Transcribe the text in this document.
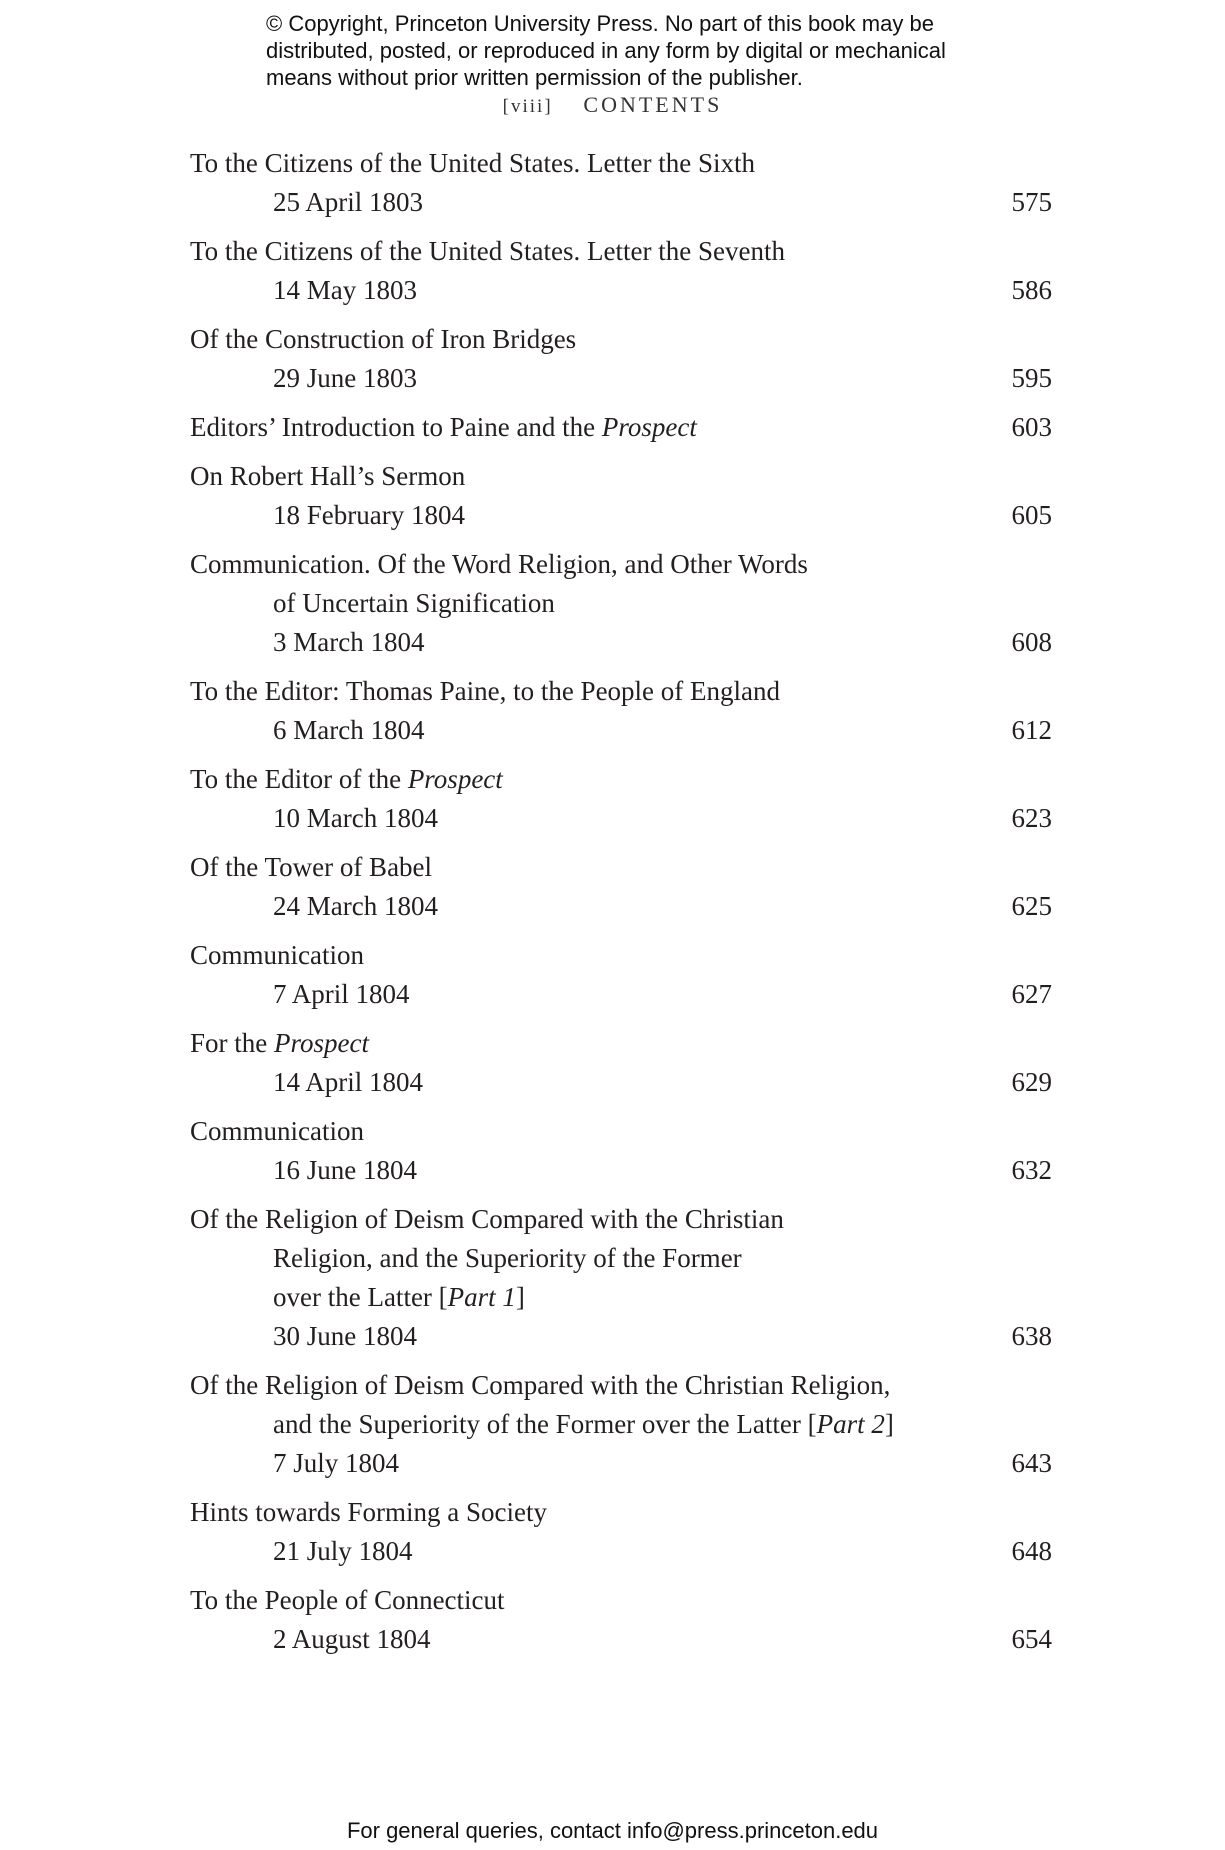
© Copyright, Princeton University Press. No part of this book may be
distributed, posted, or reproduced in any form by digital or mechanical
means without prior written permission of the publisher.
[viii] CONTENTS
To the Citizens of the United States. Letter the Sixth
25 April 1803	575
To the Citizens of the United States. Letter the Seventh
14 May 1803	586
Of the Construction of Iron Bridges
29 June 1803	595
Editors’ Introduction to Paine and the Prospect	603
On Robert Hall’s Sermon
18 February 1804	605
Communication. Of the Word Religion, and Other Words
of Uncertain Signification
3 March 1804	608
To the Editor: Thomas Paine, to the People of England
6 March 1804	612
To the Editor of the Prospect
10 March 1804	623
Of the Tower of Babel
24 March 1804	625
Communication
7 April 1804	627
For the Prospect
14 April 1804	629
Communication
16 June 1804	632
Of the Religion of Deism Compared with the Christian
Religion, and the Superiority of the Former
over the Latter [Part 1]
30 June 1804	638
Of the Religion of Deism Compared with the Christian Religion,
and the Superiority of the Former over the Latter [Part 2]
7 July 1804	643
Hints towards Forming a Society
21 July 1804	648
To the People of Connecticut
2 August 1804	654
For general queries, contact info@press.princeton.edu
